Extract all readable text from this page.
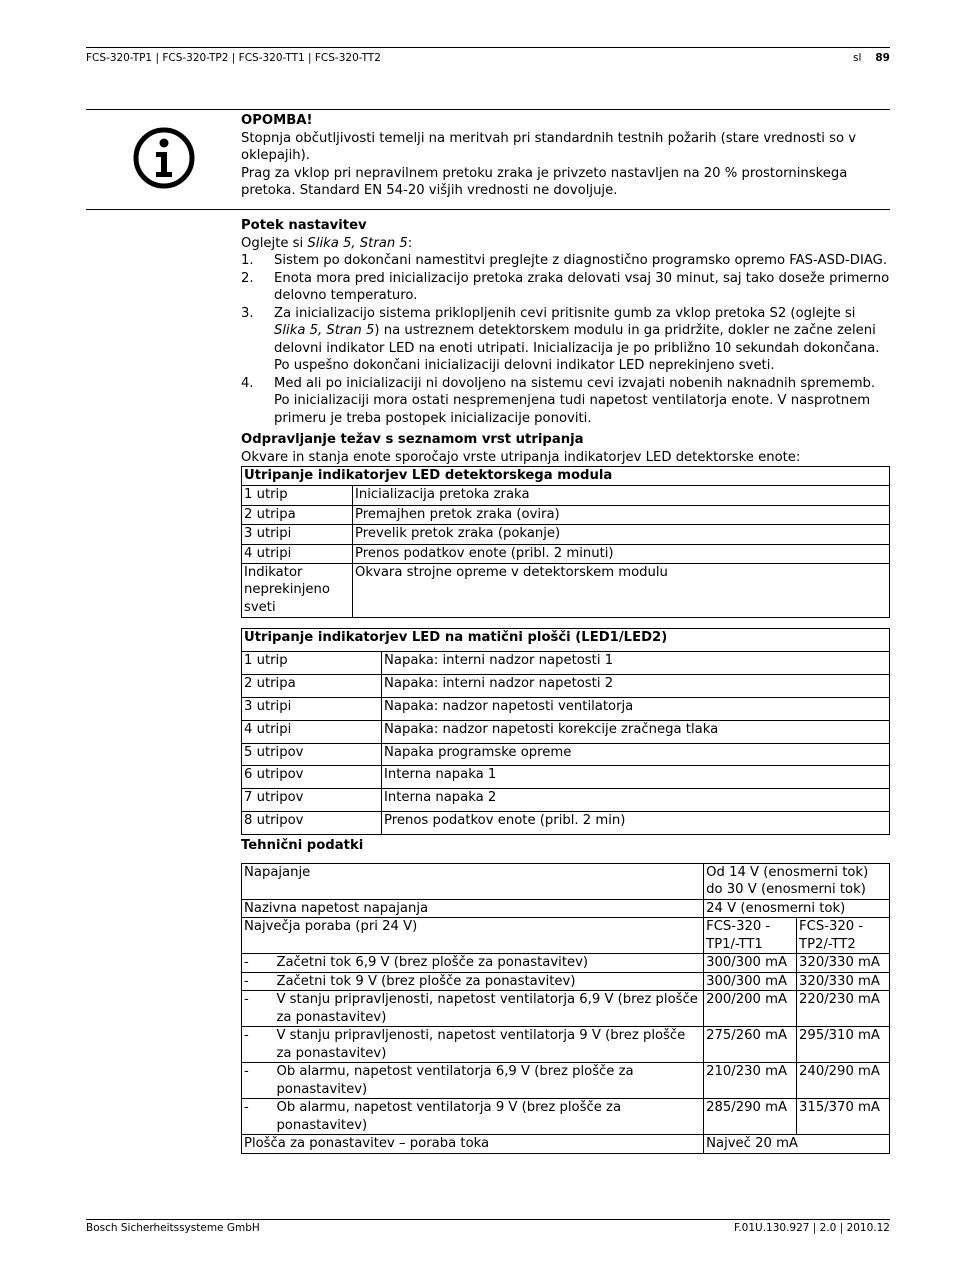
FCS-320-TP1 | FCS-320-TP2 | FCS-320-TT1 | FCS-320-TT2	sl 89
OPOMBA!
Stopnja občutljivosti temelji na meritvah pri standardnih testnih požarih (stare vrednosti so v oklepajih).
Prag za vklop pri nepravilnem pretoku zraka je privzeto nastavljen na 20 % prostorninskega pretoka. Standard EN 54-20 višjih vrednosti ne dovoljuje.
Potek nastavitev
Oglejte si Slika 5, Stran 5:
1. Sistem po dokončani namestitvi preglejte z diagnostično programsko opremo FAS-ASD-DIAG.
2. Enota mora pred inicializacijo pretoka zraka delovati vsaj 30 minut, saj tako doseže primerno delovno temperaturo.
3. Za inicializacijo sistema priklopljenih cevi pritisnite gumb za vklop pretoka S2 (oglejte si Slika 5, Stran 5) na ustreznem detektorskem modulu in ga pridržite, dokler ne začne zeleni delovni indikator LED na enoti utripati. Inicializacija je po približno 10 sekundah dokončana. Po uspešno dokončani inicializaciji delovni indikator LED neprekinjeno sveti.
4. Med ali po inicializaciji ni dovoljeno na sistemu cevi izvajati nobenih naknadnih sprememb. Po inicializaciji mora ostati nespremenjena tudi napetost ventilatorja enote. V nasprotnem primeru je treba postopek inicializacije ponoviti.
Odpravljanje težav s seznamom vrst utripanja
Okvare in stanja enote sporočajo vrste utripanja indikatorjev LED detektorske enote:
Utripanje indikatorjev LED detektorskega modula	
1 utrip	Inicializacija pretoka zraka
2 utripa	Premajhen pretok zraka (ovira)
3 utripi	Prevelik pretok zraka (pokanje)
4 utripi	Prenos podatkov enote (pribl. 2 minuti)
Indikator neprekinjeno sveti	Okvara strojne opreme v detektorskem modulu
Utripanje indikatorjev LED na matični plošči (LED1/LED2)	
1 utrip	Napaka: interni nadzor napetosti 1
2 utripa	Napaka: interni nadzor napetosti 2
3 utripi	Napaka: nadzor napetosti ventilatorja
4 utripi	Napaka: nadzor napetosti korekcije zračnega tlaka
5 utripov	Napaka programske opreme
6 utripov	Interna napaka 1
7 utripov	Interna napaka 2
8 utripov	Prenos podatkov enote (pribl. 2 min)
Tehnični podatki
Napajanje		Od 14 V (enosmerni tok) do 30 V (enosmerni tok)	
Nazivna napetost napajanja		24 V (enosmerni tok)	
Največja poraba (pri 24 V)		FCS-320 -TP1/-TT1	FCS-320 -TP2/-TT2
-	Začetni tok 6,9 V (brez plošče za ponastavitev)	300/300 mA	320/330 mA
-	Začetni tok 9 V (brez plošče za ponastavitev)	300/300 mA	320/330 mA
-	V stanju pripravljenosti, napetost ventilatorja 6,9 V (brez plošče za ponastavitev)	200/200 mA	220/230 mA
-	V stanju pripravljenosti, napetost ventilatorja 9 V (brez plošče za ponastavitev)	275/260 mA	295/310 mA
-	Ob alarmu, napetost ventilatorja 6,9 V (brez plošče za ponastavitev)	210/230 mA	240/290 mA
-	Ob alarmu, napetost ventilatorja 9 V (brez plošče za ponastavitev)	285/290 mA	315/370 mA
Plošča za ponastavitev – poraba toka		Največ 20 mA	
Bosch Sicherheitssysteme GmbH	F.01U.130.927 | 2.0 | 2010.12
